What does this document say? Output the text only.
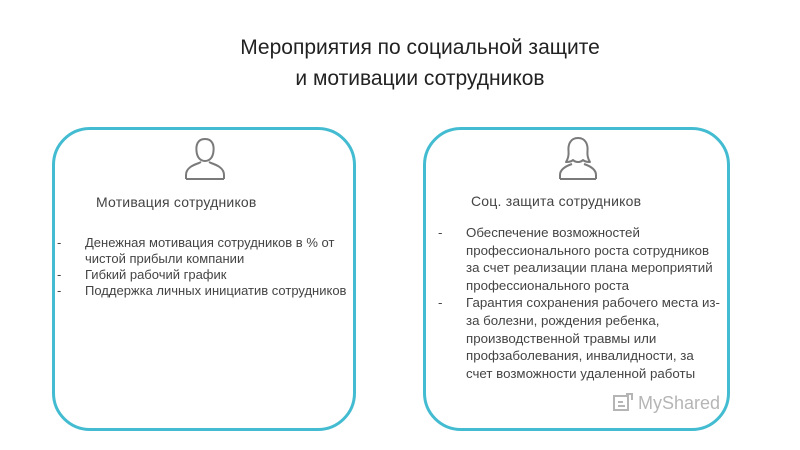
Мероприятия по социальной защите
и мотивации сотрудников
Мотивация сотрудников
- Денежная мотивация сотрудников в % от чистой прибыли компании
- Гибкий рабочий график
- Поддержка личных инициатив сотрудников
Соц. защита сотрудников
- Обеспечение возможностей профессионального роста сотрудников за счет реализации плана мероприятий профессионального роста
- Гарантия сохранения рабочего места из-за болезни, рождения ребенка, производственной травмы или профзаболевания, инвалидности, за счет возможности удаленной работы
MyShared
